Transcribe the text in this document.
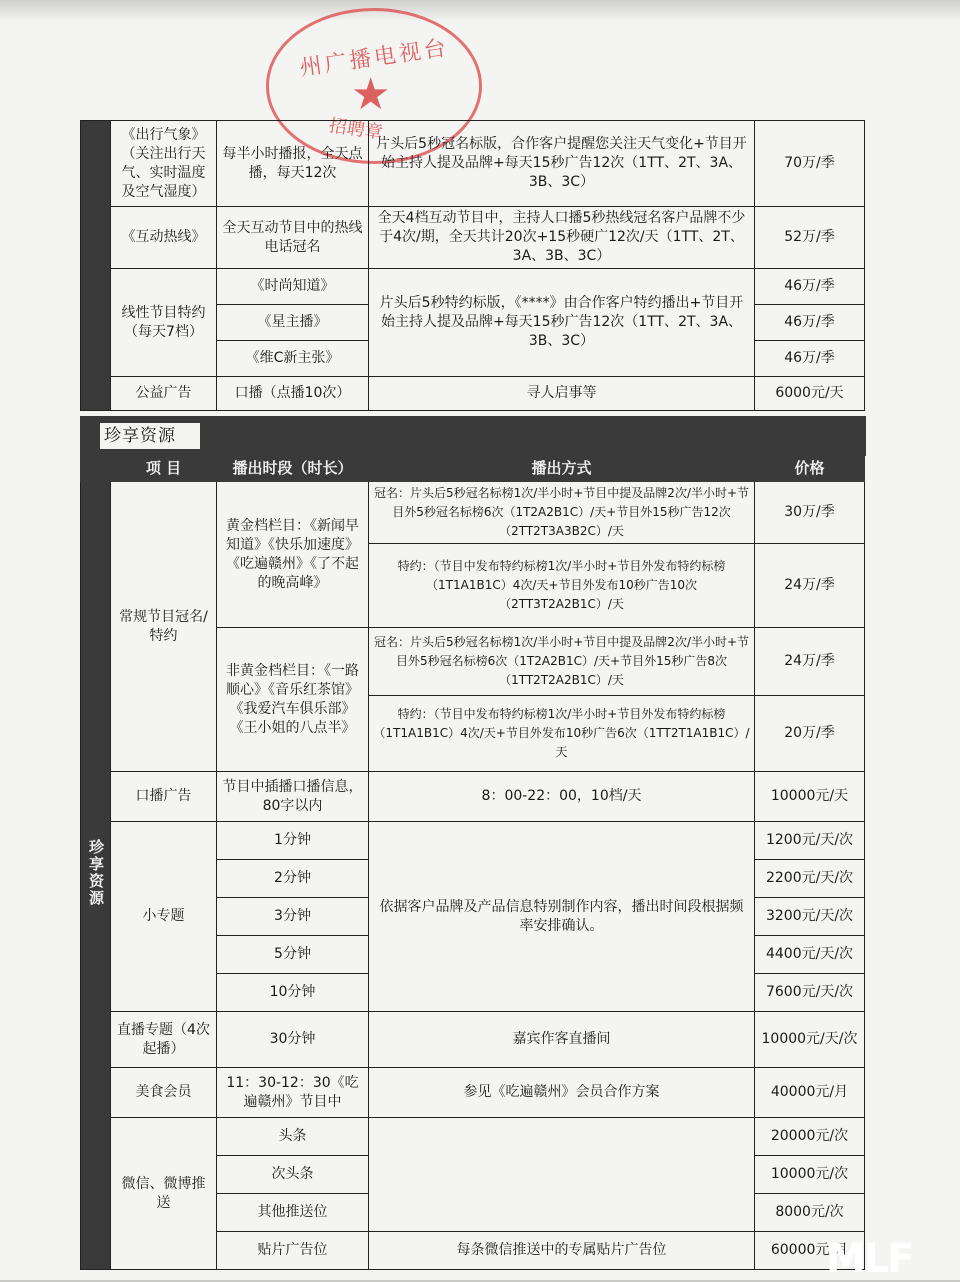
州广播电视台
★
招聘章
	《出行气象》（关注出行天气、实时温度及空气湿度）	每半小时播报，全天点播，每天12次	片头后5秒冠名标版，合作客户提醒您关注天气变化+节目开始主持人提及品牌+每天15秒广告12次（1TT、2T、3A、3B、3C）	70万/季
	《互动热线》	全天互动节目中的热线电话冠名	全天4档互动节目中，主持人口播5秒热线冠名客户品牌不少于4次/期，全天共计20次+15秒硬广12次/天（1TT、2T、3A、3B、3C）	52万/季
	线性节目特约（每天7档）	《时尚知道》	片头后5秒特约标版，《****》由合作客户特约播出+节目开始主持人提及品牌+每天15秒广告12次（1TT、2T、3A、3B、3C）	46万/季
		《星主播》		46万/季
		《维C新主张》		46万/季
	公益广告	口播（点播10次）	寻人启事等	6000元/天
珍享资源
	项 目	播出时段（时长）	播出方式	价格
珍享资源	常规节目冠名/特约	黄金档栏目：《新闻早知道》《快乐加速度》《吃遍赣州》《了不起的晚高峰》	冠名：片头后5秒冠名标榜1次/半小时+节目中提及品牌2次/半小时+节目外5秒冠名标榜6次（1T2A2B1C）/天+节目外15秒广告12次（2TT2T3A3B2C）/天	30万/季
			特约：（节目中发布特约标榜1次/半小时+节目外发布特约标榜（1T1A1B1C）4次/天+节目外发布10秒广告10次（2TT3T2A2B1C）/天	24万/季
		非黄金档栏目：《一路顺心》《音乐红茶馆》《我爱汽车俱乐部》《王小姐的八点半》	冠名：片头后5秒冠名标榜1次/半小时+节目中提及品牌2次/半小时+节目外5秒冠名标榜6次（1T2A2B1C）/天+节目外15秒广告8次（1TT2T2A2B1C）/天	24万/季
			特约：（节目中发布特约标榜1次/半小时+节目外发布特约标榜（1T1A1B1C）4次/天+节目外发布10秒广告6次（1TT2T1A1B1C）/天	20万/季
	口播广告	节目中插播口播信息，80字以内	8：00-22：00，10档/天	10000元/天
	小专题	1分钟	依据客户品牌及产品信息特别制作内容，播出时间段根据频率安排确认。	1200元/天/次
		2分钟		2200元/天/次
		3分钟		3200元/天/次
		5分钟		4400元/天/次
		10分钟		7600元/天/次
	直播专题（4次起播）	30分钟	嘉宾作客直播间	10000元/天/次
	美食会员	11：30-12：30《吃遍赣州》节目中	参见《吃遍赣州》会员合作方案	40000元/月
	微信、微博推送	头条		20000元/次
		次头条		10000元/次
		其他推送位		8000元/次
		贴片广告位	每条微信推送中的专属贴片广告位	60000元/月
MLF
